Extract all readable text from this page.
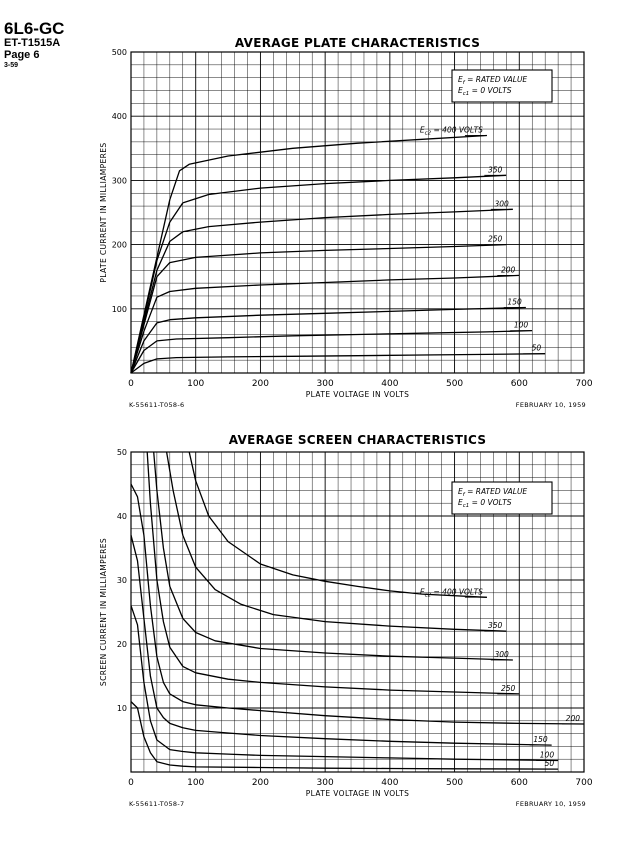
6L6-GC
ET-T1515A
Page 6
3-59
AVERAGE PLATE CHARACTERISTICS
0	100	200	300	400	500	600	700
100
200
300
400
500
PLATE VOLTAGE IN VOLTS
PLATE CURRENT IN MILLIAMPERES
K-55611-T058-6	FEBRUARY 10, 1959
$E_f$ = RATED VALUE
$E_{c1} = 0$ VOLTS
$E_{c2} = 400$ VOLTS
350
300
250
200
150
100
50
AVERAGE SCREEN CHARACTERISTICS
0	100	200	300	400	500	600	700
10
20
30
40
50
PLATE VOLTAGE IN VOLTS
SCREEN CURRENT IN MILLIAMPERES
K-55611-T058-7	FEBRUARY 10, 1959
$E_f$ = RATED VALUE
$E_{c1} = 0$ VOLTS
$E_{c2} = 400$ VOLTS
350
300
250
200
150
100
50
